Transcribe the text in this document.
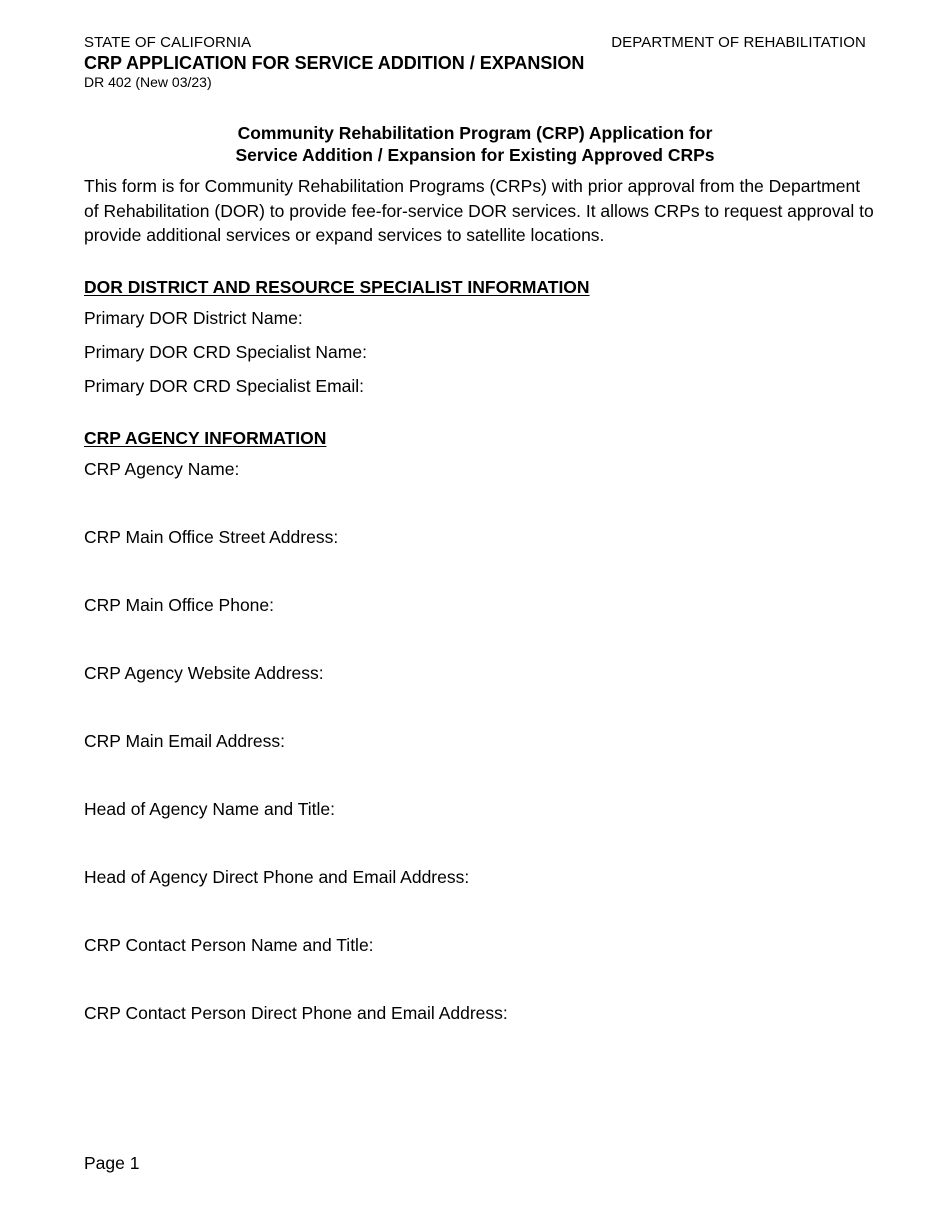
STATE OF CALIFORNIA	DEPARTMENT OF REHABILITATION
CRP APPLICATION FOR SERVICE ADDITION / EXPANSION
DR 402 (New 03/23)
Community Rehabilitation Program (CRP) Application for
Service Addition / Expansion for Existing Approved CRPs
This form is for Community Rehabilitation Programs (CRPs) with prior approval from the Department of Rehabilitation (DOR) to provide fee-for-service DOR services. It allows CRPs to request approval to provide additional services or expand services to satellite locations.
DOR DISTRICT AND RESOURCE SPECIALIST INFORMATION
Primary DOR District Name:
Primary DOR CRD Specialist Name:
Primary DOR CRD Specialist Email:
CRP AGENCY INFORMATION
CRP Agency Name:
CRP Main Office Street Address:
CRP Main Office Phone:
CRP Agency Website Address:
CRP Main Email Address:
Head of Agency Name and Title:
Head of Agency Direct Phone and Email Address:
CRP Contact Person Name and Title:
CRP Contact Person Direct Phone and Email Address:
Page 1
